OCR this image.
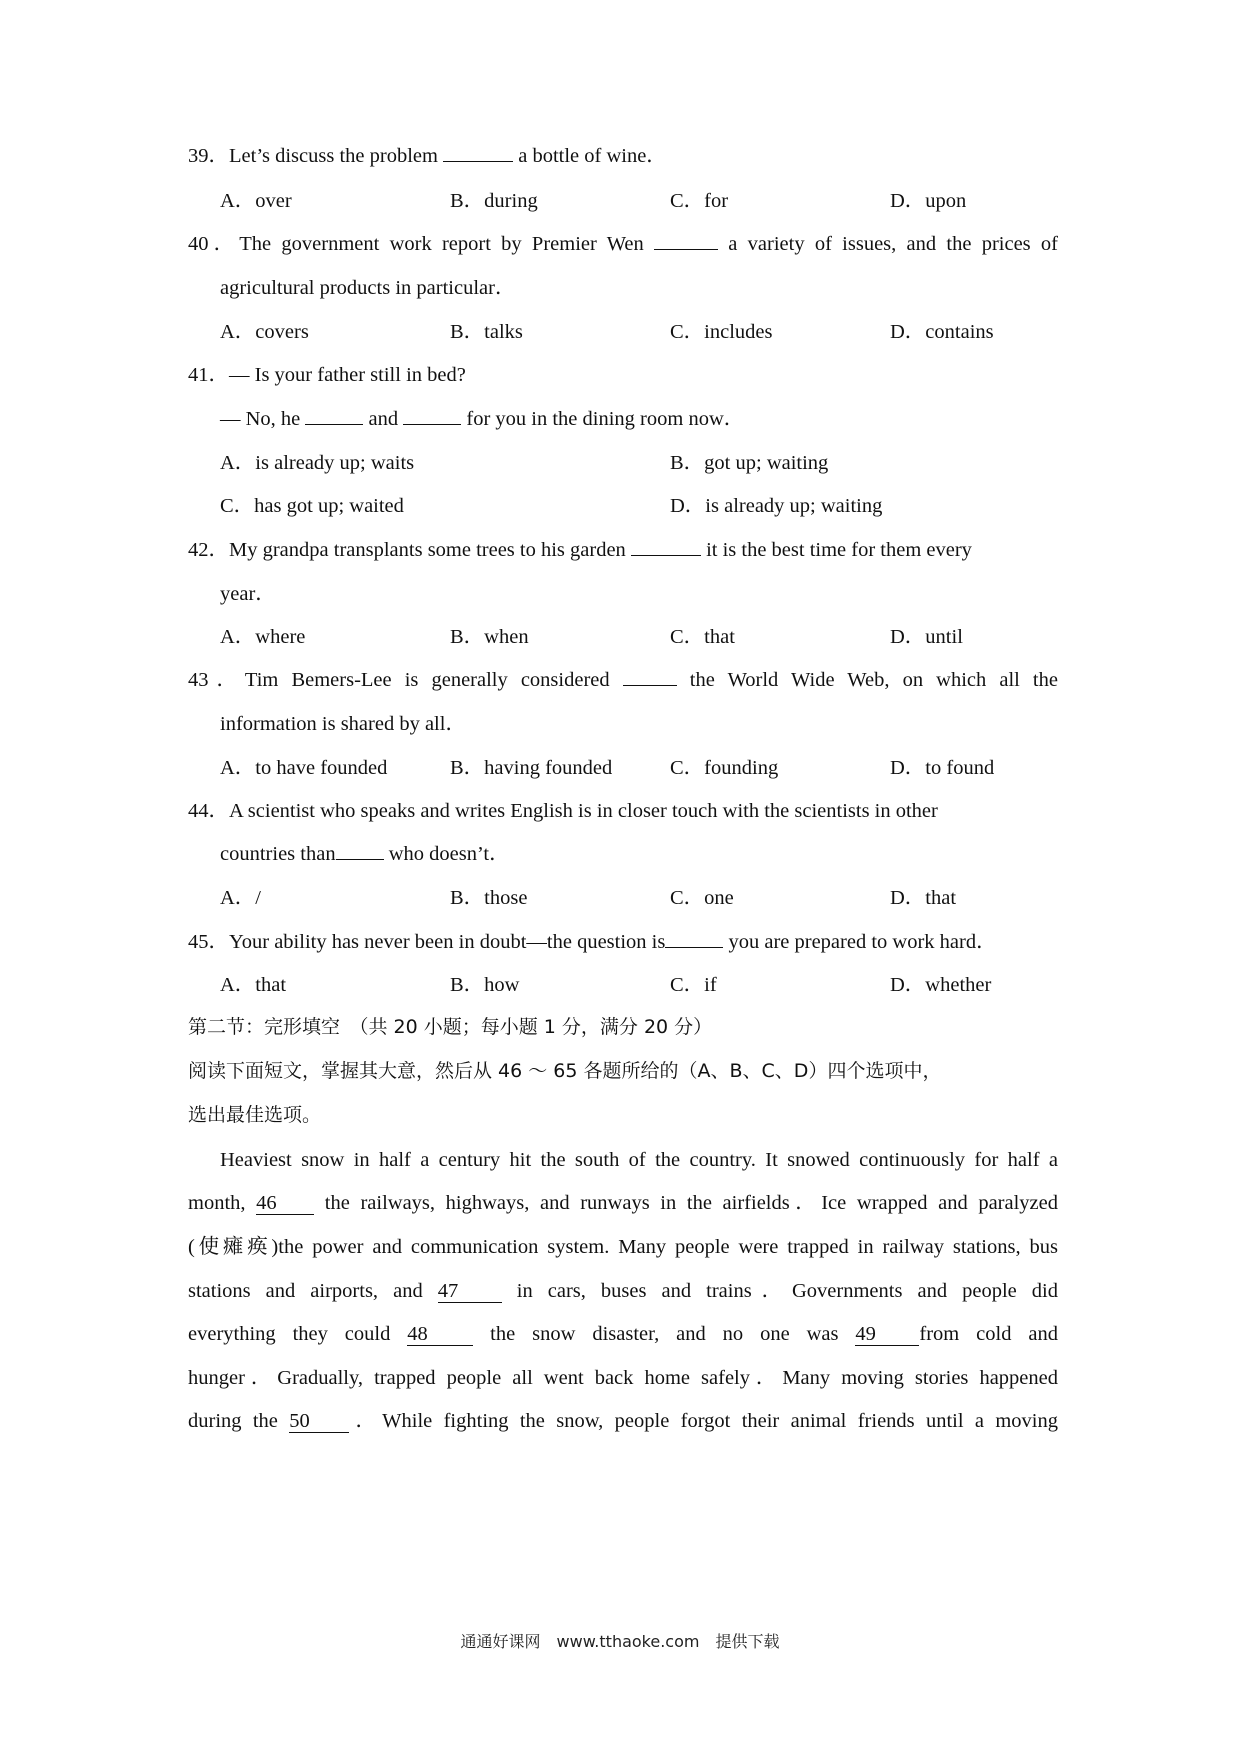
39．Let’s discuss the problem	a bottle of wine．
A．over	B．during	C．for	D．upon
40．The government work report by Premier Wen	a variety of issues, and the prices of
agricultural products in particular．
A．covers	B．talks	C．includes	D．contains
41．— Is your father still in bed?
— No, he	and	for you in the dining room now．
A．is already up; waits	B．got up; waiting
C．has got up; waited	D．is already up; waiting
42．My grandpa transplants some trees to his garden	it is the best time for them every
year．
A．where	B．when	C．that	D．until
43．Tim Bemers-Lee is generally considered	the World Wide Web, on which all the
information is shared by all．
A．to have founded	B．having founded	C．founding	D．to found
44．A scientist who speaks and writes English is in closer touch with the scientists in other
countries than who doesn’t．
A．/	B．those	C．one	D．that
45．Your ability has never been in doubt—the question is	you are prepared to work hard．
A．that	B．how	C．if	D．whether
第二节：完形填空　（共 20 小题；每小题 1 分，满分 20 分）
阅读下面短文，掌握其大意，然后从 46 ～ 65 各题所给的（A、B、C、D）四个选项中，
选出最佳选项。
Heaviest snow in half a century hit the south of the country. It snowed continuously for half a
month, 46 the railways, highways, and runways in the airfields．Ice wrapped and paralyzed
(使瘫痪)the power and communication system. Many people were trapped in railway stations, bus
stations and airports, and 47 in cars, buses and trains．Governments and people did
everything they could 48 the snow disaster, and no one was 49 from cold and
hunger．Gradually, trapped people all went back home safely．Many moving stories happened
during the 50 ．While fighting the snow, people forgot their animal friends until a moving
通通好课网　www.tthaoke.com　提供下载
